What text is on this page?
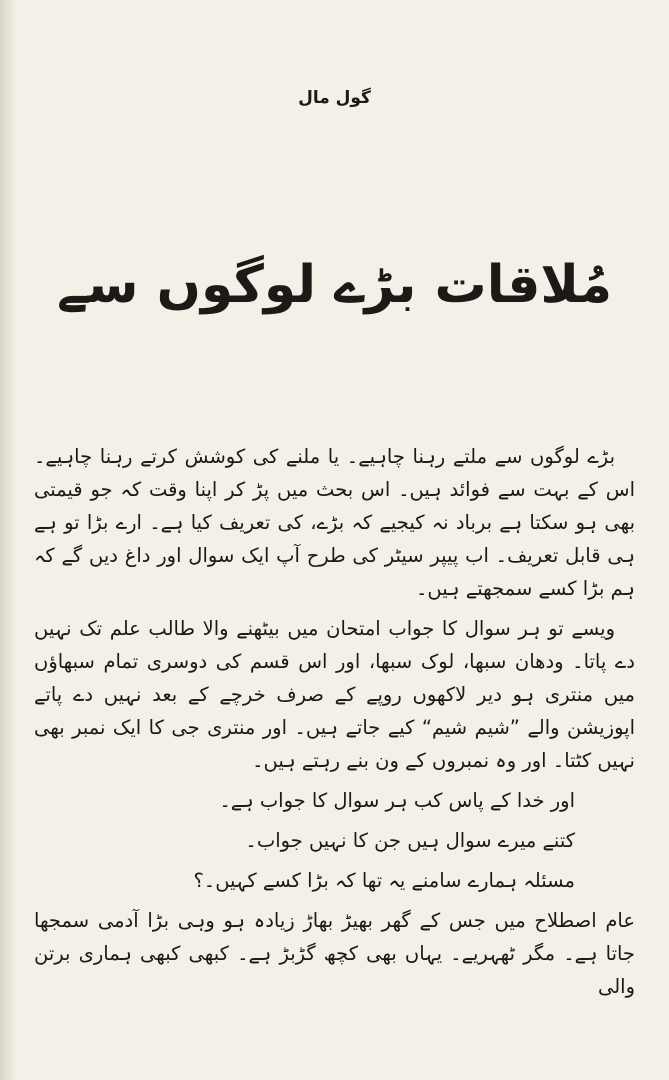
گول مال
مُلاقات بڑے لوگوں سے

بڑے لوگوں سے ملتے رہنا چاہیے۔ یا ملنے کی کوشش کرتے رہنا چاہیے۔ اس کے بہت سے فوائد ہیں۔ اس بحث میں پڑ کر اپنا وقت کہ جو قیمتی بھی ہو سکتا ہے برباد نہ کیجیے کہ بڑے، کی تعریف کیا ہے۔ ارے بڑا تو ہے ہی قابل تعریف۔ اب پیپر سیٹر کی طرح آپ ایک سوال اور داغ دیں گے کہ ہم بڑا کسے سمجھتے ہیں۔

ویسے تو ہر سوال کا جواب امتحان میں بیٹھنے والا طالب علم تک نہیں دے پاتا۔ ودھان سبھا، لوک سبھا، اور اس قسم کی دوسری تمام سبھاؤں میں منتری ہو دیر لاکھوں روپے کے صرف خرچے کے بعد نہیں دے پاتے اپوزیشن والے ”شیم شیم“ کیے جاتے ہیں۔ اور منتری جی کا ایک نمبر بھی نہیں کٹتا۔ اور وہ نمبروں کے ون بنے رہتے ہیں۔

اور خدا کے پاس کب ہر سوال کا جواب ہے۔

کتنے میرے سوال ہیں جن کا نہیں جواب۔

مسئلہ ہمارے سامنے یہ تھا کہ بڑا کسے کہیں۔؟

عام اصطلاح میں جس کے گھر بھیڑ بھاڑ زیادہ ہو وہی بڑا آدمی سمجھا جاتا ہے۔ مگر ٹھہریے۔ یہاں بھی کچھ گڑبڑ ہے۔ کبھی کبھی ہماری برتن والی
